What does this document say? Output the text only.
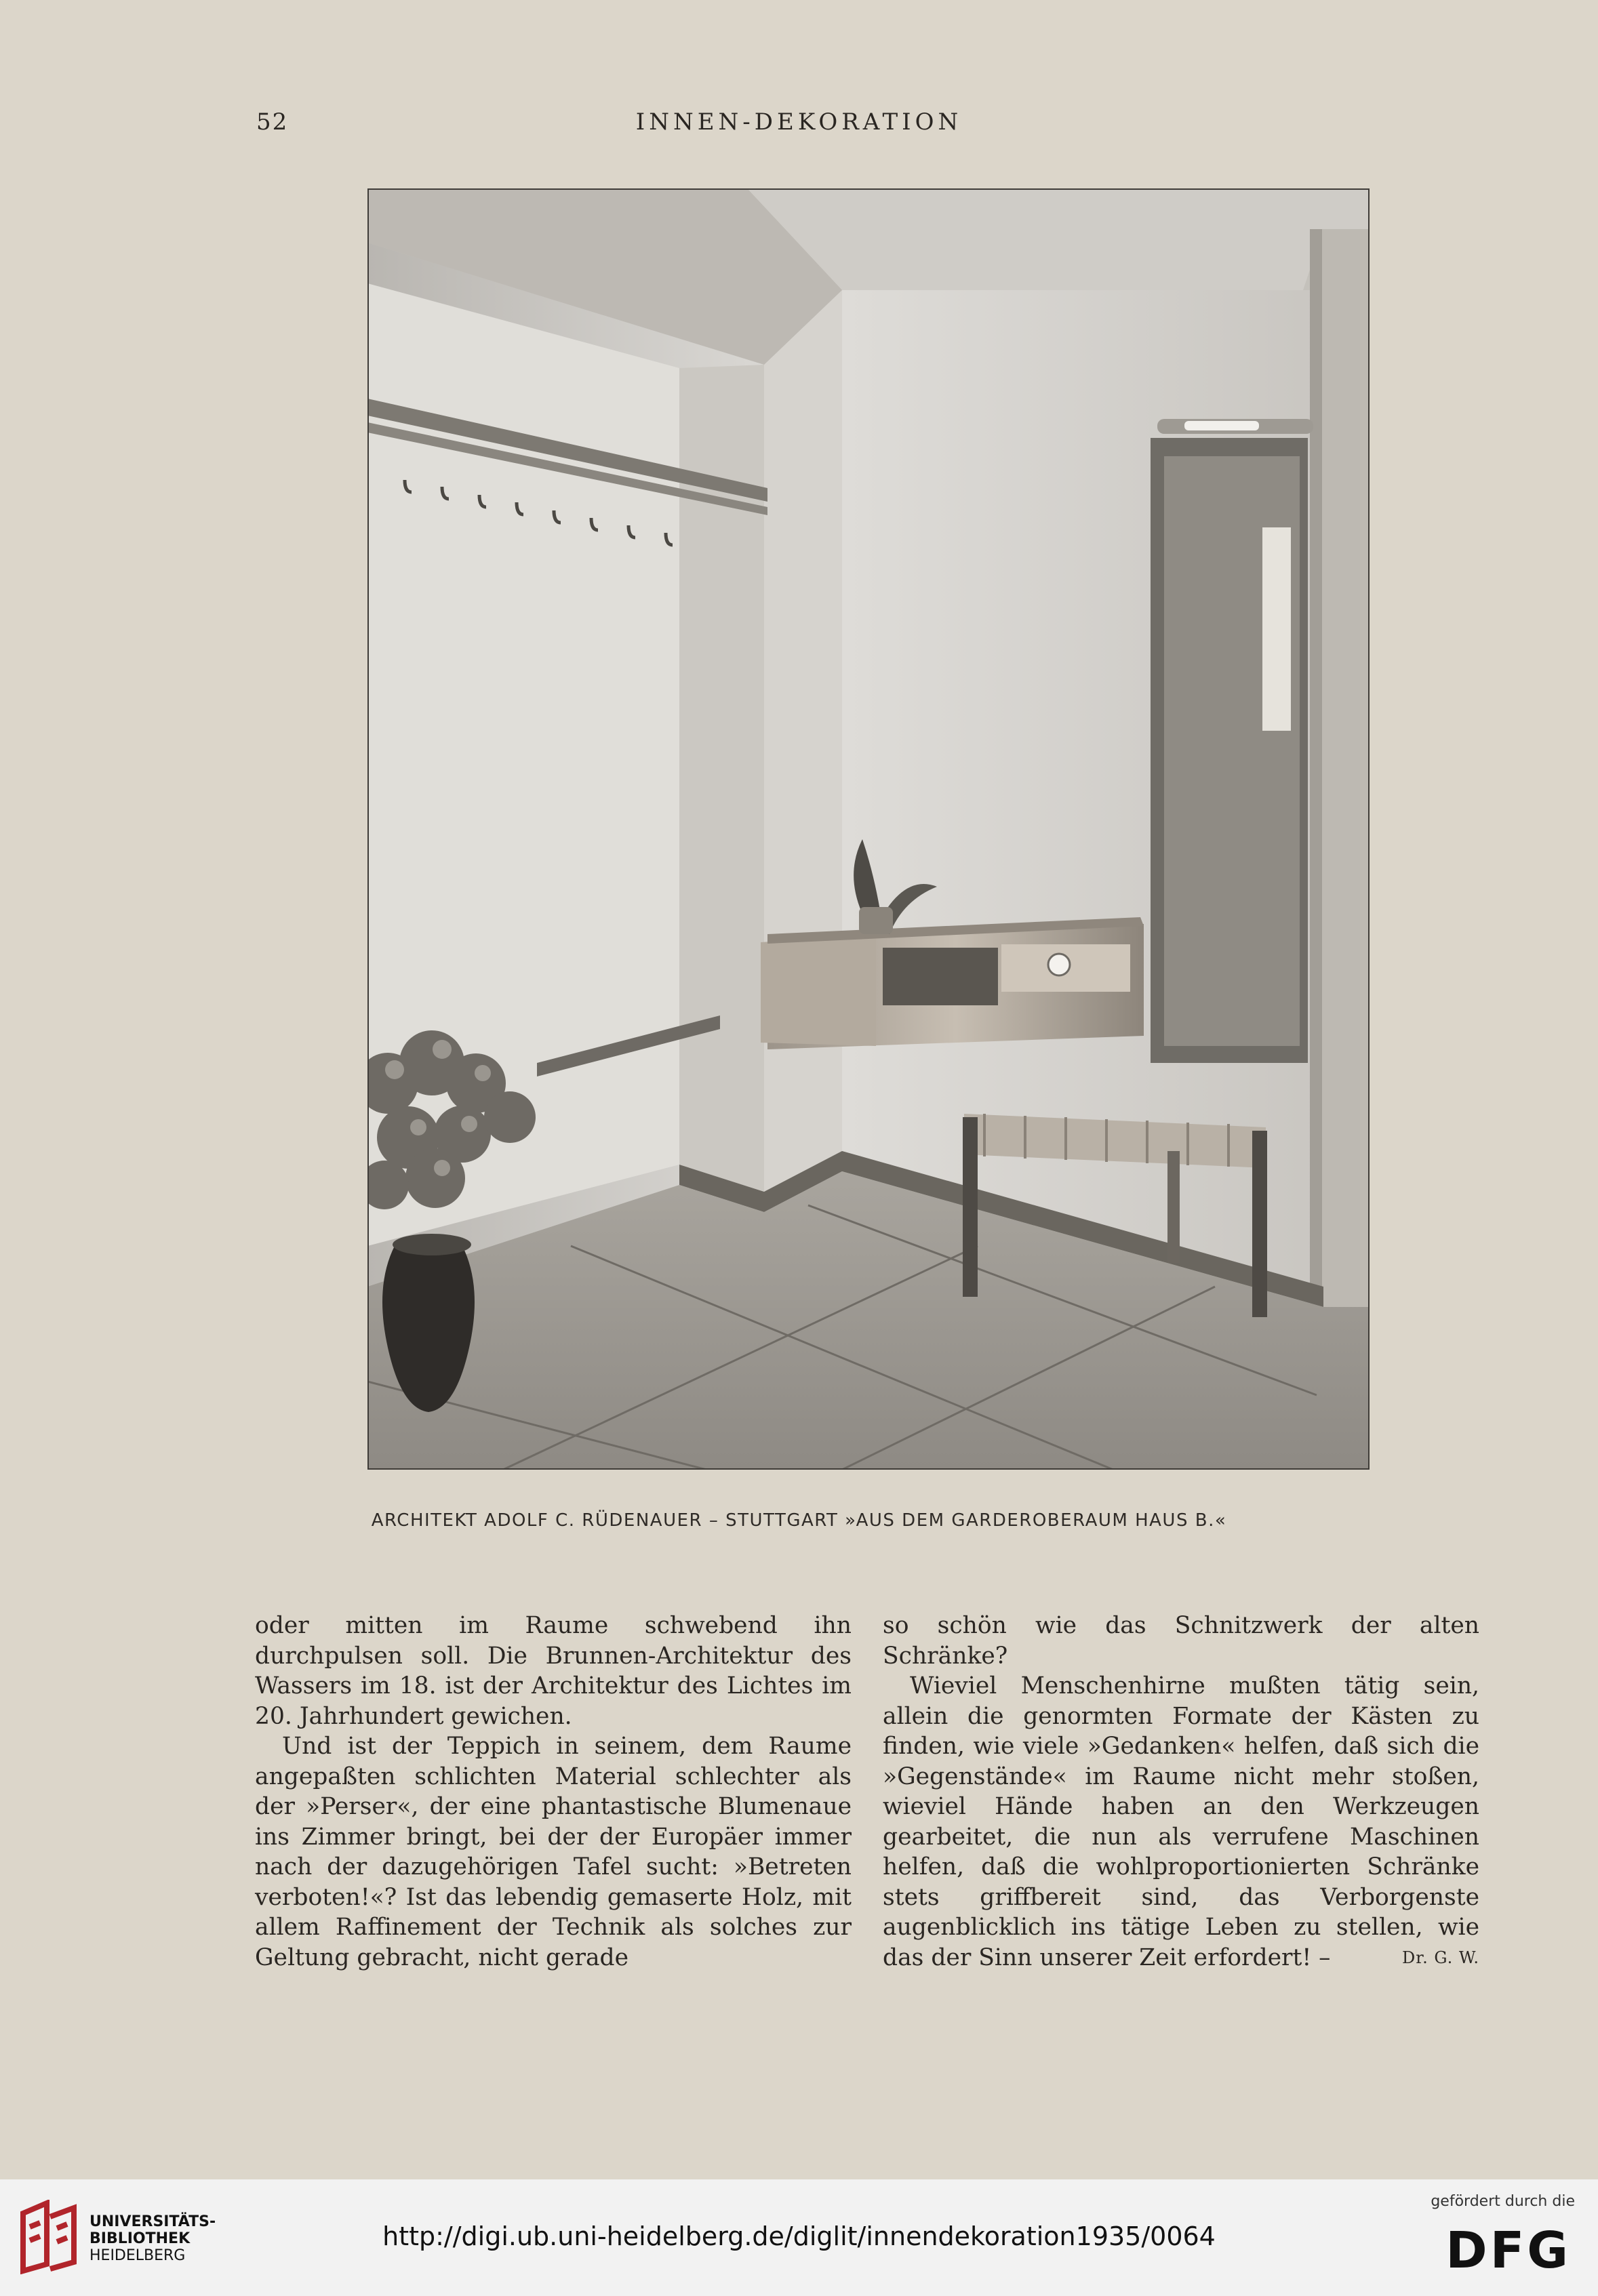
52	INNEN-DEKORATION
ARCHITEKT ADOLF C. RÜDENAUER – STUTTGART »AUS DEM GARDEROBERAUM HAUS B.«

oder mitten im Raume schwebend ihn durchpulsen soll. Die Brunnen-Architektur des Wassers im 18. ist der Architektur des Lichtes im 20. Jahrhundert gewichen.

Und ist der Teppich in seinem, dem Raume angepaßten schlichten Material schlechter als der »Perser«, der eine phantastische Blumenaue ins Zimmer bringt, bei der der Europäer immer nach der dazugehörigen Tafel sucht: »Betreten verboten!«? Ist das lebendig gemaserte Holz, mit allem Raffinement der Technik als solches zur Geltung gebracht, nicht gerade

so schön wie das Schnitzwerk der alten Schränke?

Wieviel Menschenhirne mußten tätig sein, allein die genormten Formate der Kästen zu finden, wie viele »Gedanken« helfen, daß sich die »Gegenstände« im Raume nicht mehr stoßen, wieviel Hände haben an den Werkzeugen gearbeitet, die nun als verrufene Maschinen helfen, daß die wohlproportionierten Schränke stets griffbereit sind, das Verborgenste augenblicklich ins tätige Leben zu stellen, wie das der Sinn unserer Zeit erfordert! –	Dr. G. W.

UNIVERSITÄTS-
BIBLIOTHEK
HEIDELBERG
http://digi.ub.uni-heidelberg.de/diglit/innendekoration1935/0064
gefördert durch die
DFG
